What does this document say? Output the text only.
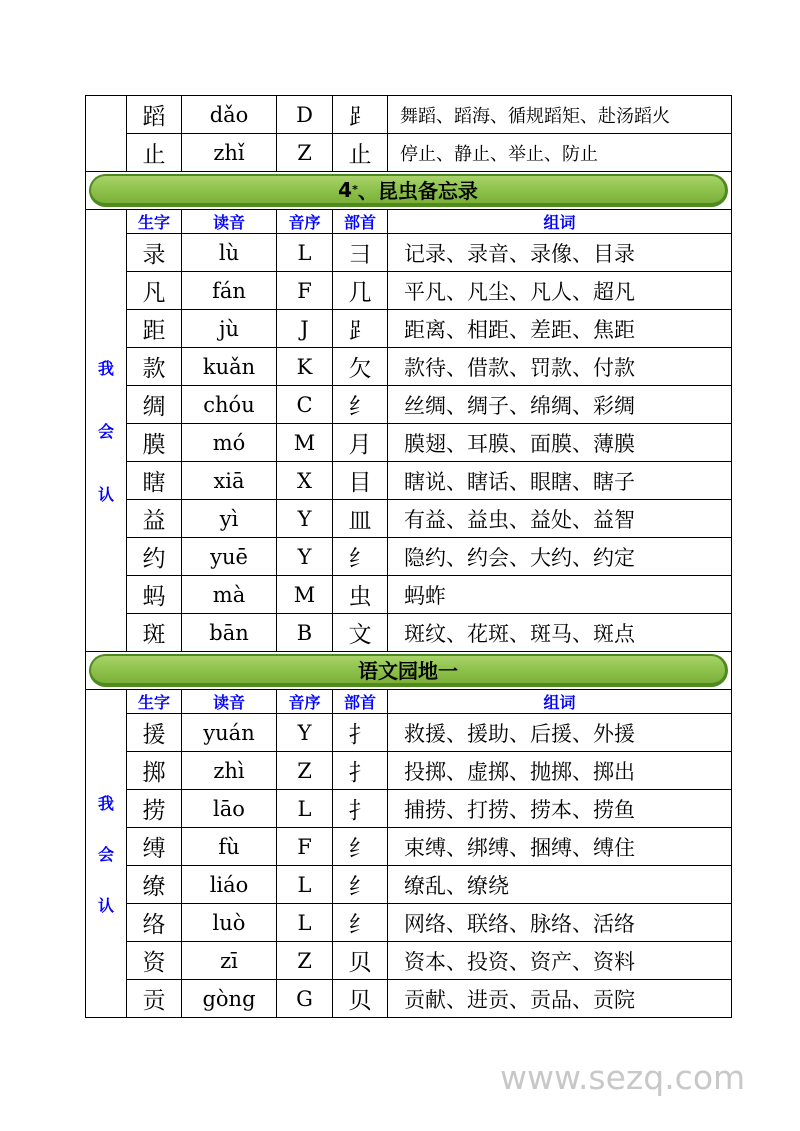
	蹈	dǎo	D	⻊	舞蹈、蹈海、循规蹈矩、赴汤蹈火
	止	zhǐ	Z	止	停止、静止、举止、防止

4 * 、昆虫备忘录					

我
会
认	生字	读音	音序	部首	组词
	录	lù	L	彐	记录、录音、录像、目录
	凡	fán	F	几	平凡、凡尘、凡人、超凡
	距	jù	J	⻊	距离、相距、差距、焦距
	款	kuǎn	K	欠	款待、借款、罚款、付款
	绸	chóu	C	纟	丝绸、绸子、绵绸、彩绸
	膜	mó	M	月	膜翅、耳膜、面膜、薄膜
	瞎	xiā	X	目	瞎说、瞎话、眼瞎、瞎子
	益	yì	Y	皿	有益、益虫、益处、益智
	约	yuē	Y	纟	隐约、约会、大约、约定
	蚂	mà	M	虫	蚂蚱
	斑	bān	B	文	斑纹、花斑、斑马、斑点

语文园地一					

我
会
认	生字	读音	音序	部首	组词
	援	yuán	Y	扌	救援、援助、后援、外援
	掷	zhì	Z	扌	投掷、虚掷、抛掷、掷出
	捞	lāo	L	扌	捕捞、打捞、捞本、捞鱼
	缚	fù	F	纟	束缚、绑缚、捆缚、缚住
	缭	liáo	L	纟	缭乱、缭绕
	络	luò	L	纟	网络、联络、脉络、活络
	资	zī	Z	贝	资本、投资、资产、资料
	贡	gòng	G	贝	贡献、进贡、贡品、贡院
www.sezq.com
